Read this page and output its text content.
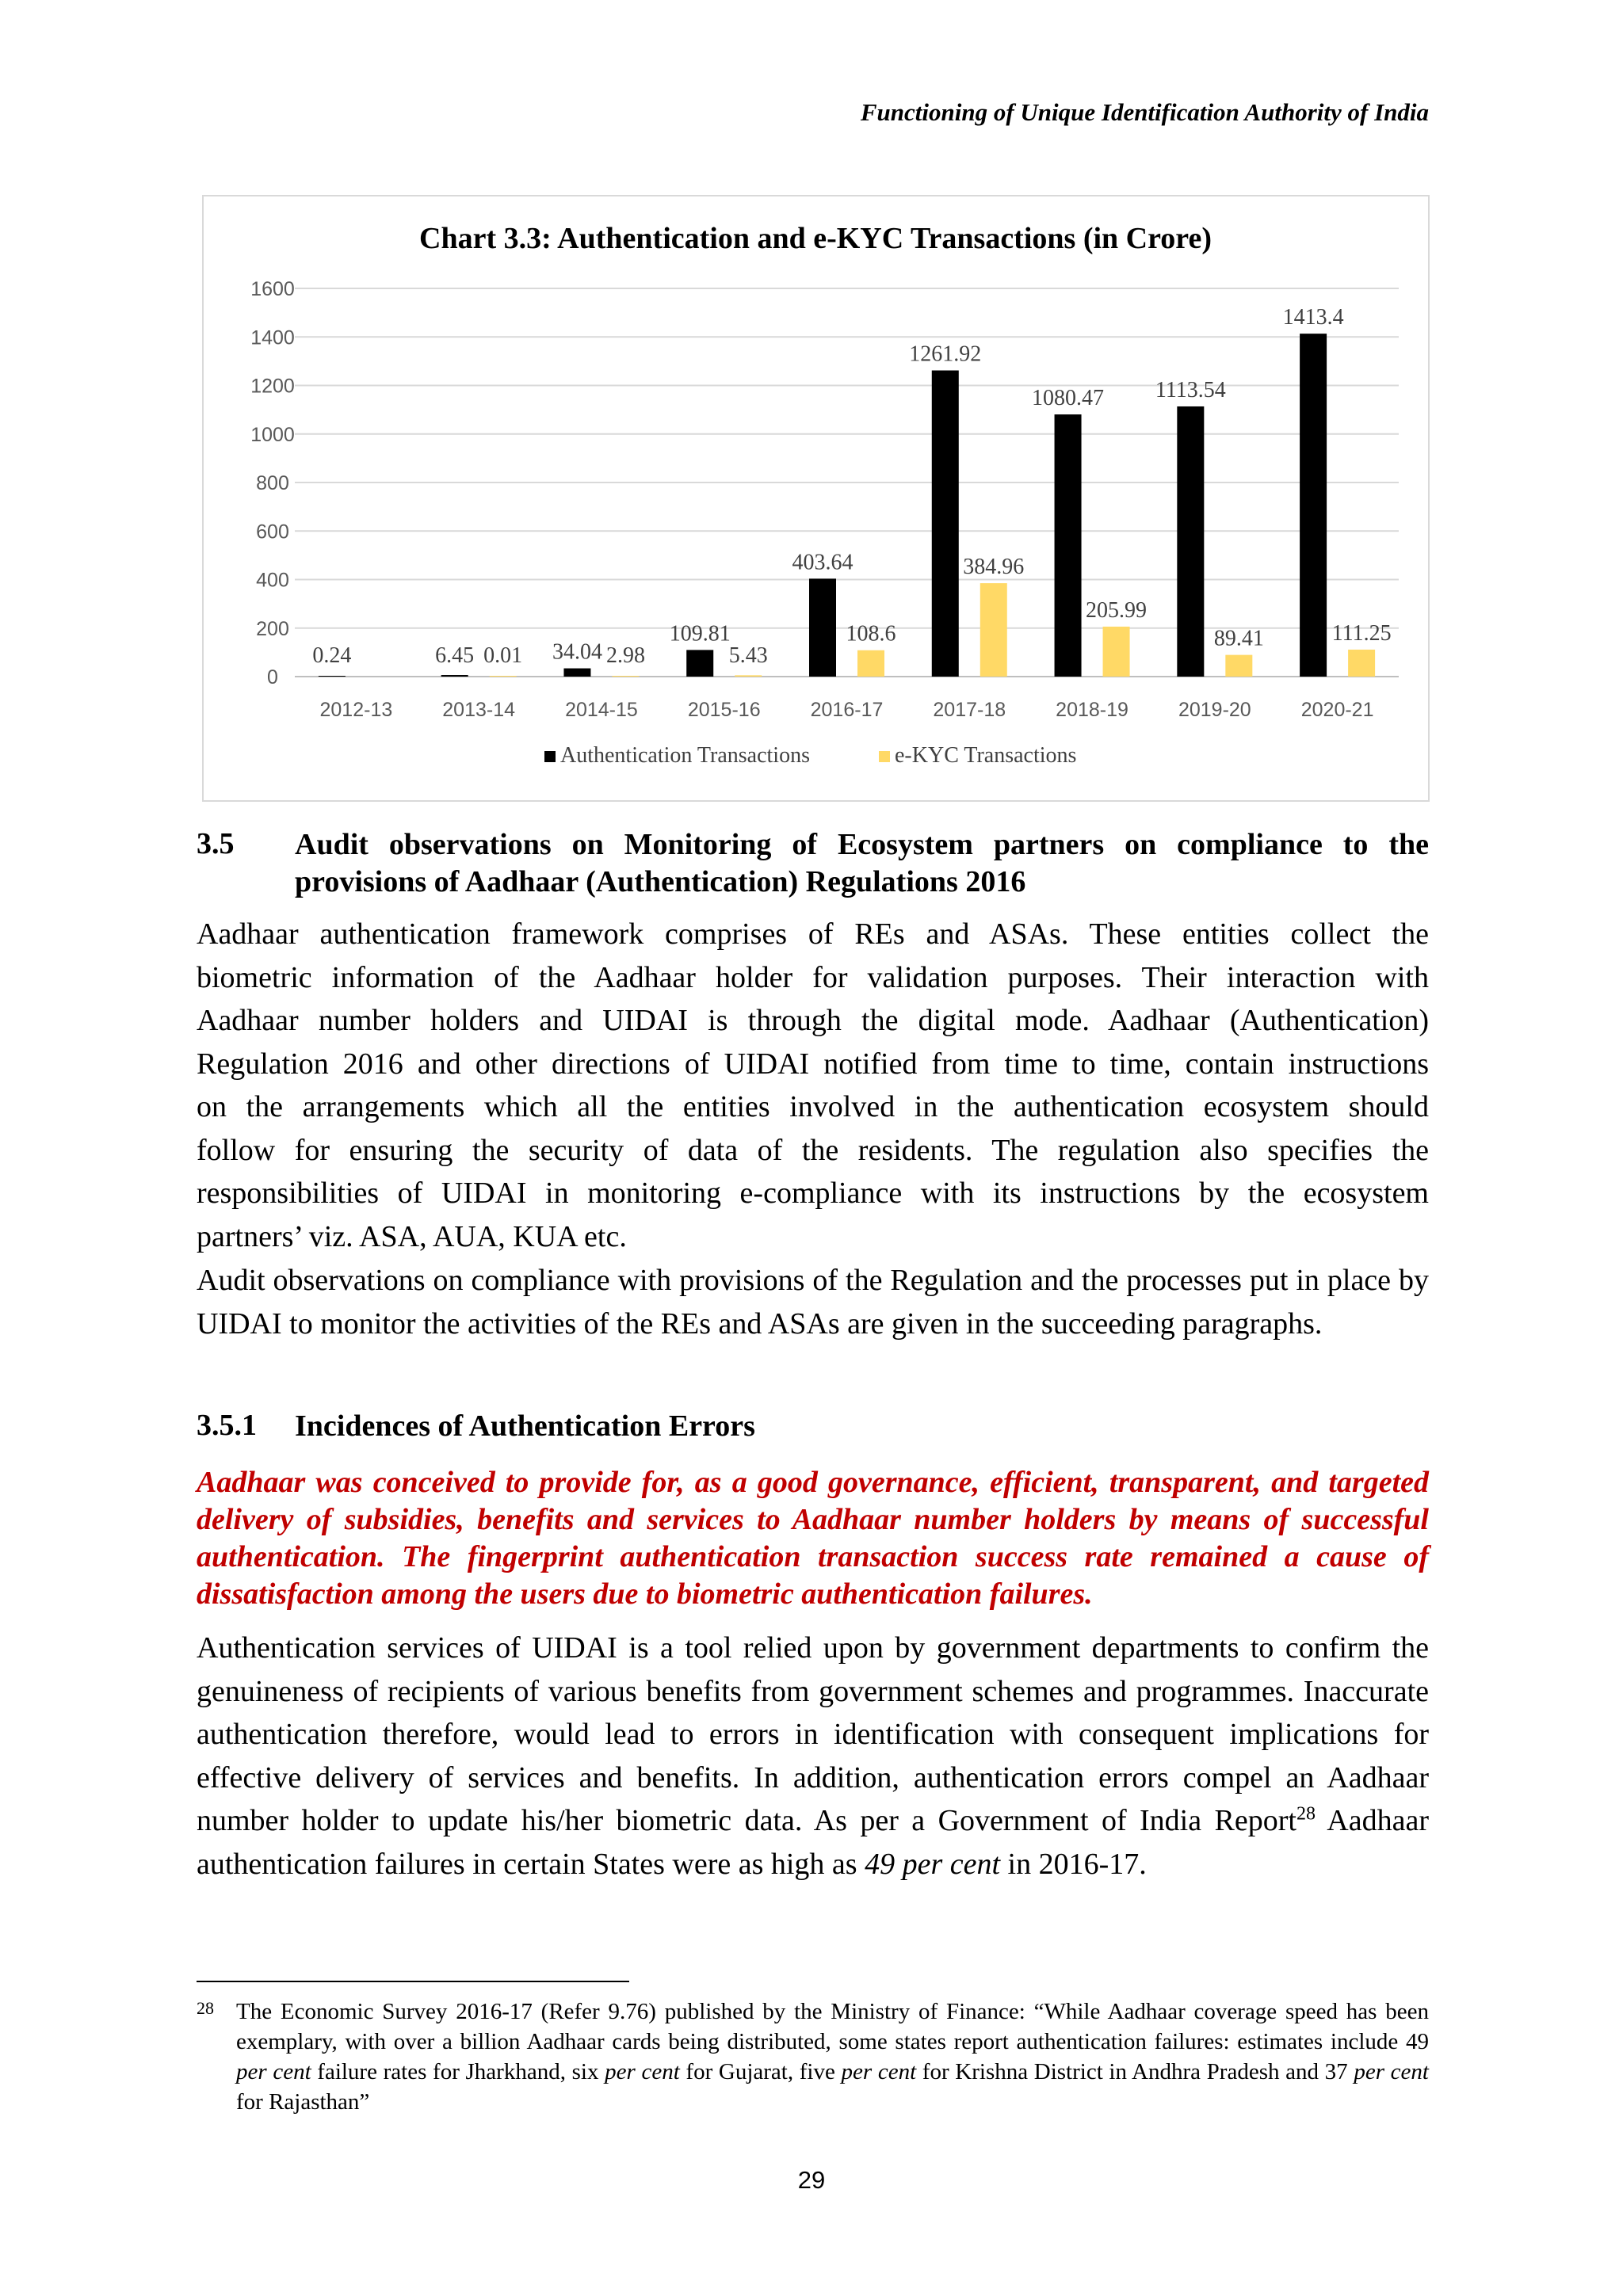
Functioning of Unique Identification Authority of India
Chart 3.3: Authentication and e-KYC Transactions (in Crore)
0
200
400
600
800
1000
1200
1400
1600
2012-13
0.24
2013-14
6.45 0.01
2014-15
34.04 2.98
2015-16
109.81
5.43
2016-17
403.64
108.6
2017-18
1261.92
384.96
2018-19
1080.47
205.99
2019-20
1113.54
89.41
2020-21
1413.4
111.25
Authentication Transactions	e-KYC Transactions
3.5 Audit observations on Monitoring of Ecosystem partners on compliance to the provisions of Aadhaar (Authentication) Regulations 2016
Aadhaar authentication framework comprises of REs and ASAs. These entities collect the
biometric information of the Aadhaar holder for validation purposes. Their interaction with
Aadhaar number holders and UIDAI is through the digital mode. Aadhaar (Authentication)
Regulation 2016 and other directions of UIDAI notified from time to time, contain instructions
on the arrangements which all the entities involved in the authentication ecosystem should
follow for ensuring the security of data of the residents. The regulation also specifies the
responsibilities of UIDAI in monitoring e-compliance with its instructions by the ecosystem
partners’ viz. ASA, AUA, KUA etc.
Audit observations on compliance with provisions of the Regulation and the processes put in place by UIDAI to monitor the activities of the REs and ASAs are given in the succeeding paragraphs.
3.5.1 Incidences of Authentication Errors
Aadhaar was conceived to provide for, as a good governance, efficient, transparent, and targeted delivery of subsidies, benefits and services to Aadhaar number holders by means of successful authentication. The fingerprint authentication transaction success rate remained a cause of dissatisfaction among the users due to biometric authentication failures.
Authentication services of UIDAI is a tool relied upon by government departments to confirm the genuineness of recipients of various benefits from government schemes and programmes. Inaccurate authentication therefore, would lead to errors in identification with consequent implications for effective delivery of services and benefits. In addition, authentication errors compel an Aadhaar number holder to update his/her biometric data. As per a Government of India Report$^{28}$ Aadhaar authentication failures in certain States were as high as 49 per cent in 2016-17.
28 The Economic Survey 2016-17 (Refer 9.76) published by the Ministry of Finance: “While Aadhaar coverage speed has been exemplary, with over a billion Aadhaar cards being distributed, some states report authentication failures: estimates include 49 per cent failure rates for Jharkhand, six per cent for Gujarat, five per cent for Krishna District in Andhra Pradesh and 37 per cent for Rajasthan”
29
